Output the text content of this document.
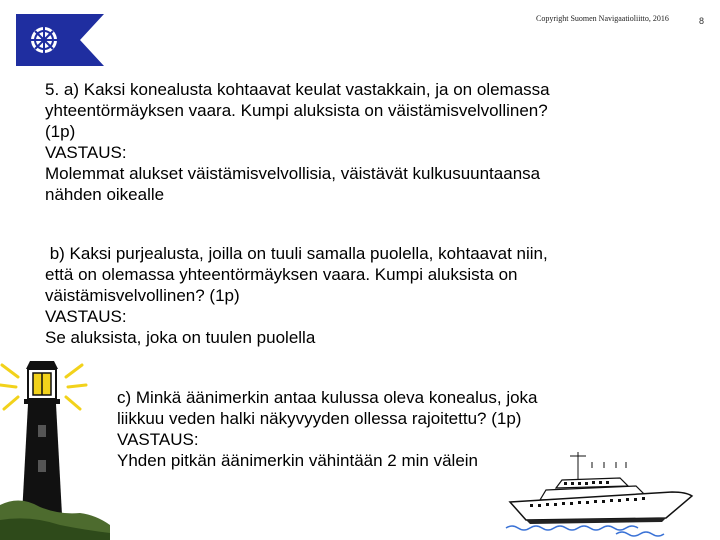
Copyright Suomen Navigaatioliitto, 2016	8
5. a) Kaksi konealusta kohtaavat keulat vastakkain, ja on olemassa
yhteentörmäyksen vaara. Kumpi aluksista on väistämisvelvollinen?
(1p)
VASTAUS:
Molemmat alukset väistämisvelvollisia, väistävät kulkusuuntaansa
nähden oikealle
b) Kaksi purjealusta, joilla on tuuli samalla puolella, kohtaavat niin,
että on olemassa yhteentörmäyksen vaara. Kumpi aluksista on
väistämisvelvollinen? (1p)
VASTAUS:
Se aluksista, joka on tuulen puolella
c) Minkä äänimerkin antaa kulussa oleva konealus, joka
liikkuu veden halki näkyvyyden ollessa rajoitettu? (1p)
VASTAUS:
Yhden pitkän äänimerkin vähintään 2 min välein
